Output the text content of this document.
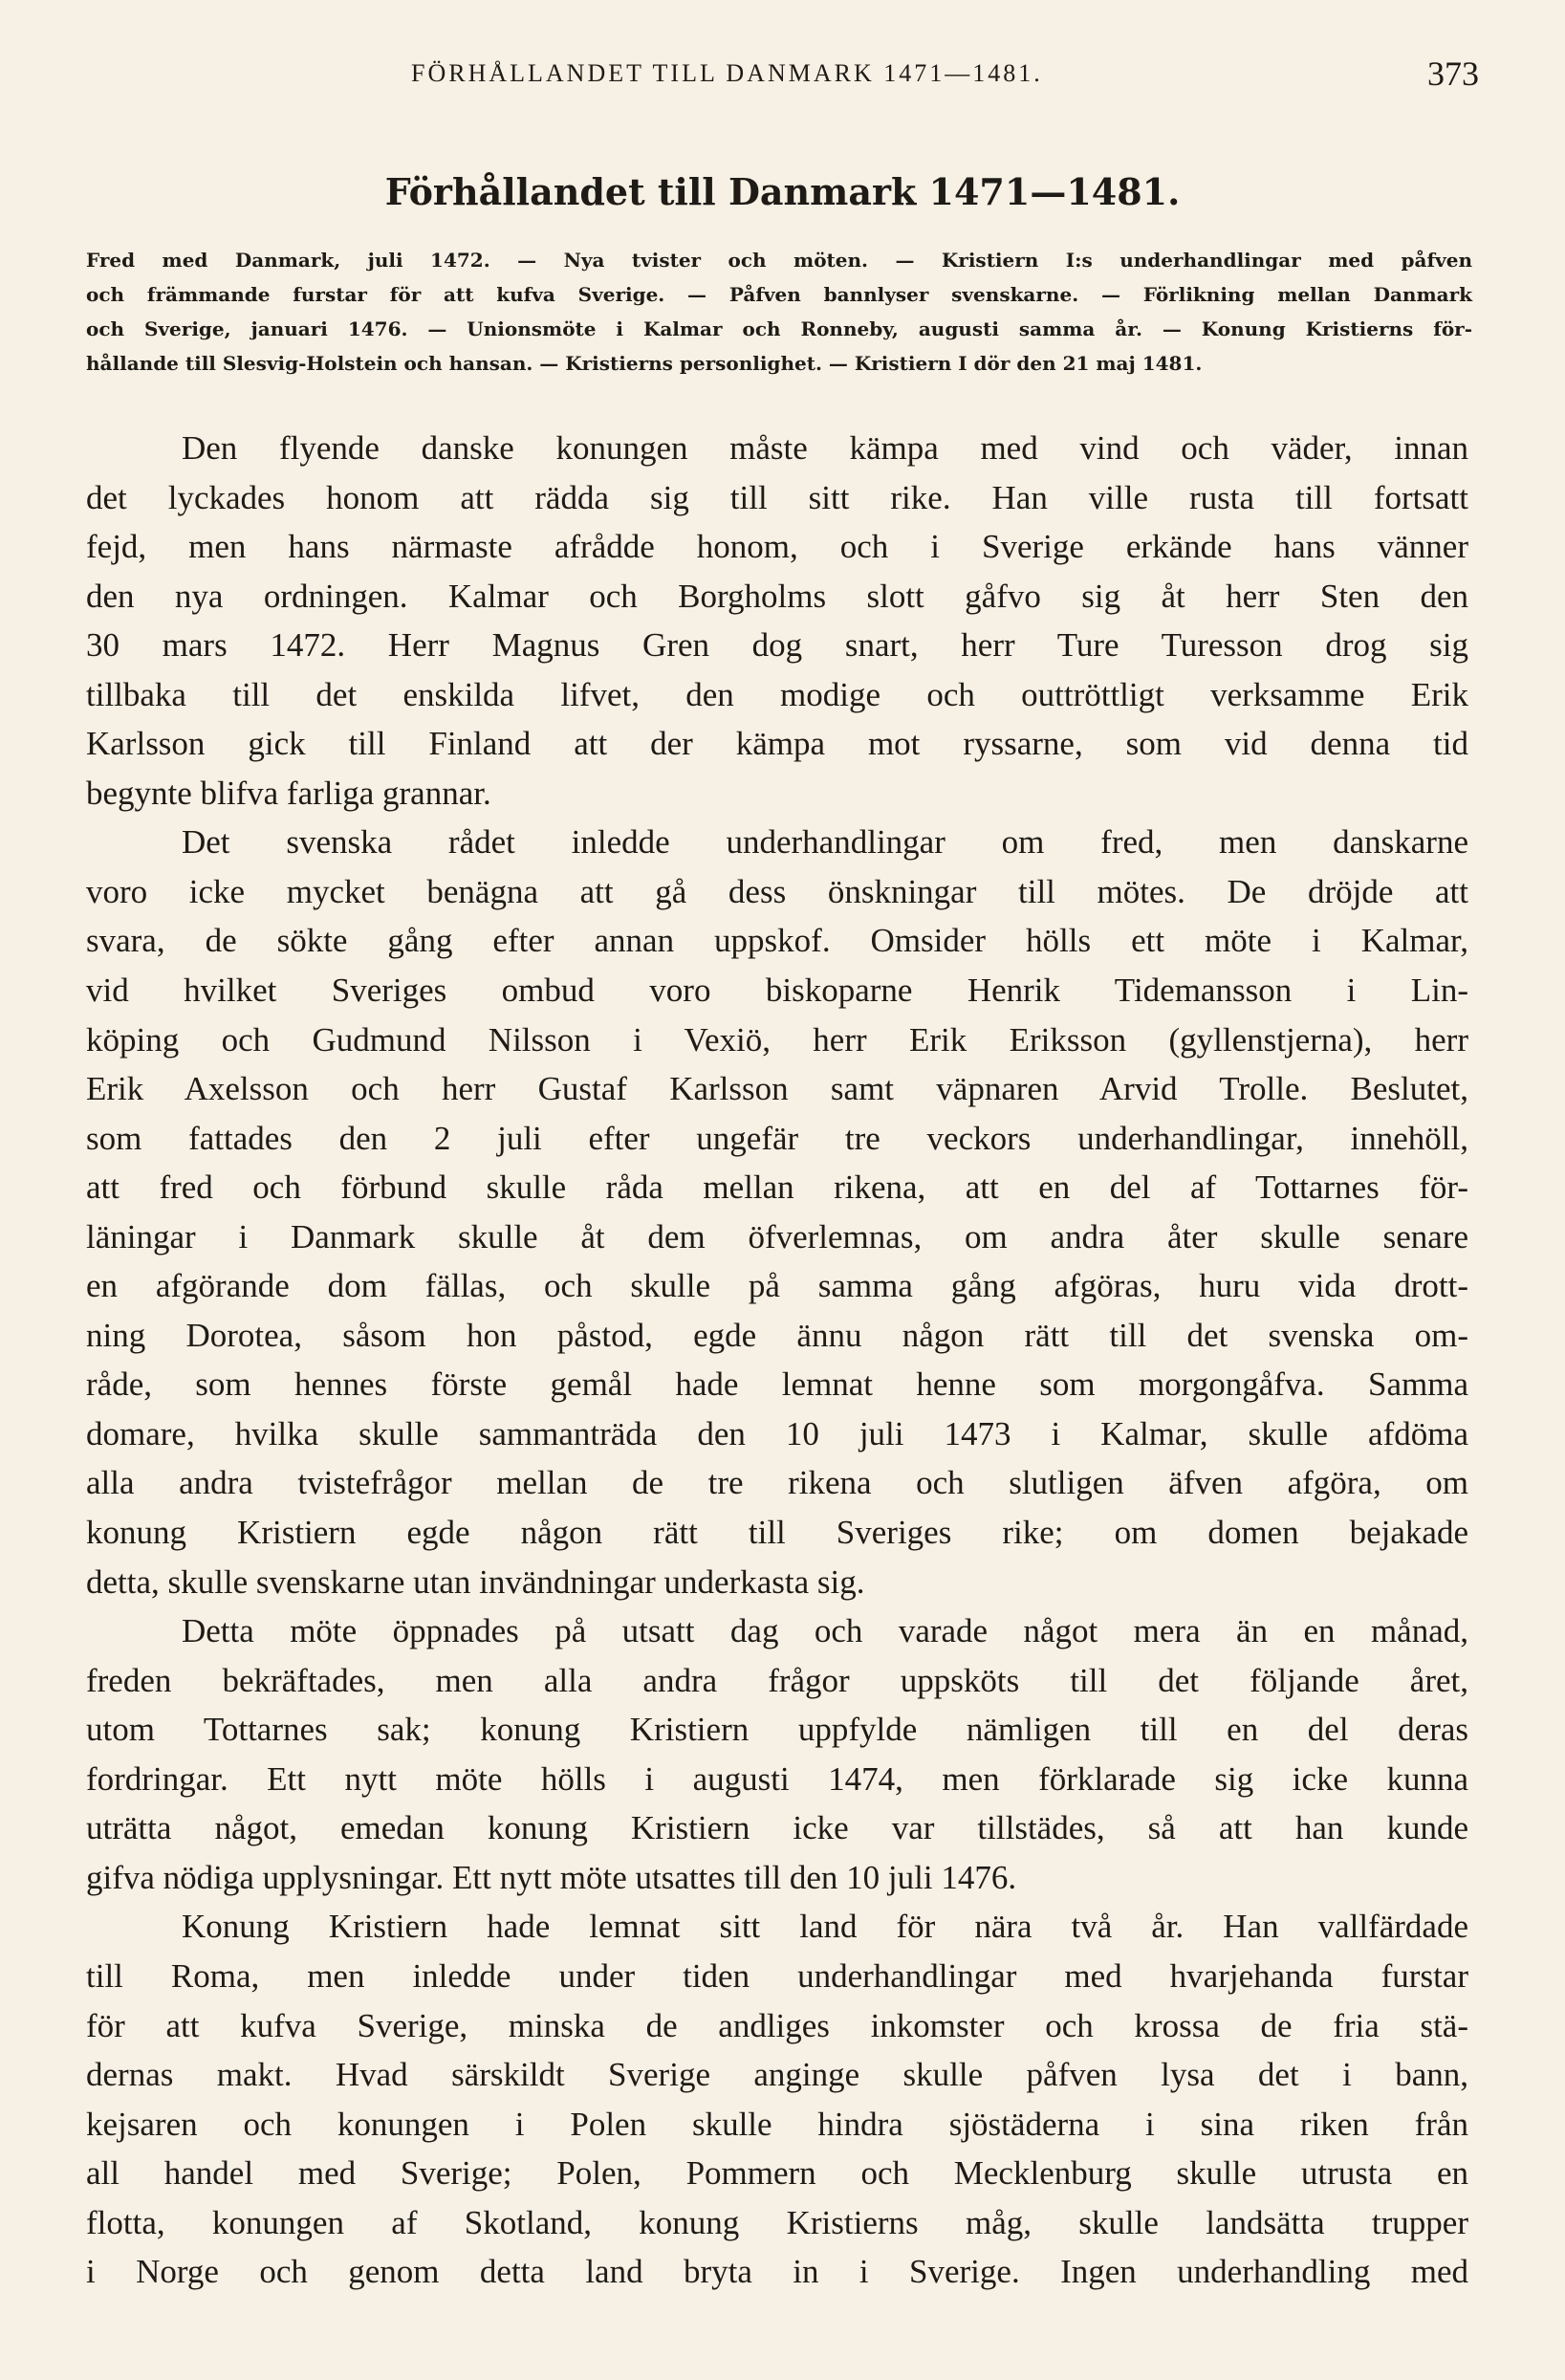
FÖRHÅLLANDET TILL DANMARK 1471—1481.	373
Förhållandet till Danmark 1471—1481.
Fred med Danmark, juli 1472. — Nya tvister och möten. — Kristiern I:s underhandlingar med påfven
och främmande furstar för att kufva Sverige. — Påfven bannlyser svenskarne. — Förlikning mellan Danmark
och Sverige, januari 1476. — Unionsmöte i Kalmar och Ronneby, augusti samma år. — Konung Kristierns för-
hållande till Slesvig-Holstein och hansan. — Kristierns personlighet. — Kristiern I dör den 21 maj 1481.
Den flyende danske konungen måste kämpa med vind och väder, innan
det lyckades honom att rädda sig till sitt rike. Han ville rusta till fortsatt
fejd, men hans närmaste afrådde honom, och i Sverige erkände hans vänner
den nya ordningen. Kalmar och Borgholms slott gåfvo sig åt herr Sten den
30 mars 1472. Herr Magnus Gren dog snart, herr Ture Turesson drog sig
tillbaka till det enskilda lifvet, den modige och outtröttligt verksamme Erik
Karlsson gick till Finland att der kämpa mot ryssarne, som vid denna tid
begynte blifva farliga grannar.
Det svenska rådet inledde underhandlingar om fred, men danskarne
voro icke mycket benägna att gå dess önskningar till mötes. De dröjde att
svara, de sökte gång efter annan uppskof. Omsider hölls ett möte i Kalmar,
vid hvilket Sveriges ombud voro biskoparne Henrik Tidemansson i Lin-
köping och Gudmund Nilsson i Vexiö, herr Erik Eriksson (gyllenstjerna), herr
Erik Axelsson och herr Gustaf Karlsson samt väpnaren Arvid Trolle. Beslutet,
som fattades den 2 juli efter ungefär tre veckors underhandlingar, innehöll,
att fred och förbund skulle råda mellan rikena, att en del af Tottarnes för-
läningar i Danmark skulle åt dem öfverlemnas, om andra åter skulle senare
en afgörande dom fällas, och skulle på samma gång afgöras, huru vida drott-
ning Dorotea, såsom hon påstod, egde ännu någon rätt till det svenska om-
råde, som hennes förste gemål hade lemnat henne som morgongåfva. Samma
domare, hvilka skulle sammanträda den 10 juli 1473 i Kalmar, skulle afdöma
alla andra tvistefrågor mellan de tre rikena och slutligen äfven afgöra, om
konung Kristiern egde någon rätt till Sveriges rike; om domen bejakade
detta, skulle svenskarne utan invändningar underkasta sig.
Detta möte öppnades på utsatt dag och varade något mera än en månad,
freden bekräftades, men alla andra frågor uppsköts till det följande året,
utom Tottarnes sak; konung Kristiern uppfylde nämligen till en del deras
fordringar. Ett nytt möte hölls i augusti 1474, men förklarade sig icke kunna
uträtta något, emedan konung Kristiern icke var tillstädes, så att han kunde
gifva nödiga upplysningar. Ett nytt möte utsattes till den 10 juli 1476.
Konung Kristiern hade lemnat sitt land för nära två år. Han vallfärdade
till Roma, men inledde under tiden underhandlingar med hvarjehanda furstar
för att kufva Sverige, minska de andliges inkomster och krossa de fria stä-
dernas makt. Hvad särskildt Sverige anginge skulle påfven lysa det i bann,
kejsaren och konungen i Polen skulle hindra sjöstäderna i sina riken från
all handel med Sverige; Polen, Pommern och Mecklenburg skulle utrusta en
flotta, konungen af Skotland, konung Kristierns måg, skulle landsätta trupper
i Norge och genom detta land bryta in i Sverige. Ingen underhandling med
